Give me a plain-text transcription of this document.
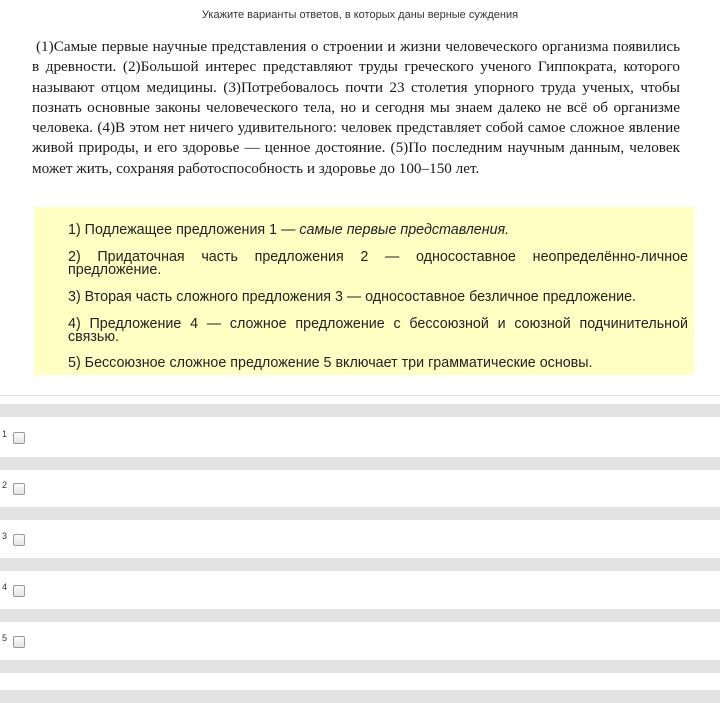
Укажите варианты ответов, в которых даны верные суждения
(1)Самые первые научные представления о строении и жизни человеческого организма появились в древности. (2)Большой интерес представляют труды греческого ученого Гиппократа, которого называют отцом медицины. (3)Потребовалось почти 23 столетия упорного труда ученых, чтобы познать основные законы человеческого тела, но и сегодня мы знаем далеко не всё об организме человека. (4)В этом нет ничего удивительного: человек представляет собой самое сложное явление живой природы, и его здоровье — ценное достояние. (5)По последним научным данным, человек может жить, сохраняя работоспособность и здоровье до 100–150 лет.
1) Подлежащее предложения 1 — самые первые представления.
2) Придаточная часть предложения 2 — односоставное неопределённо-личное предложение.
3) Вторая часть сложного предложения 3 — односоставное безличное предложение.
4) Предложение 4 — сложное предложение с бессоюзной и союзной подчинительной связью.
5) Бессоюзное сложное предложение 5 включает три грамматические основы.
1
2
3
4
5
